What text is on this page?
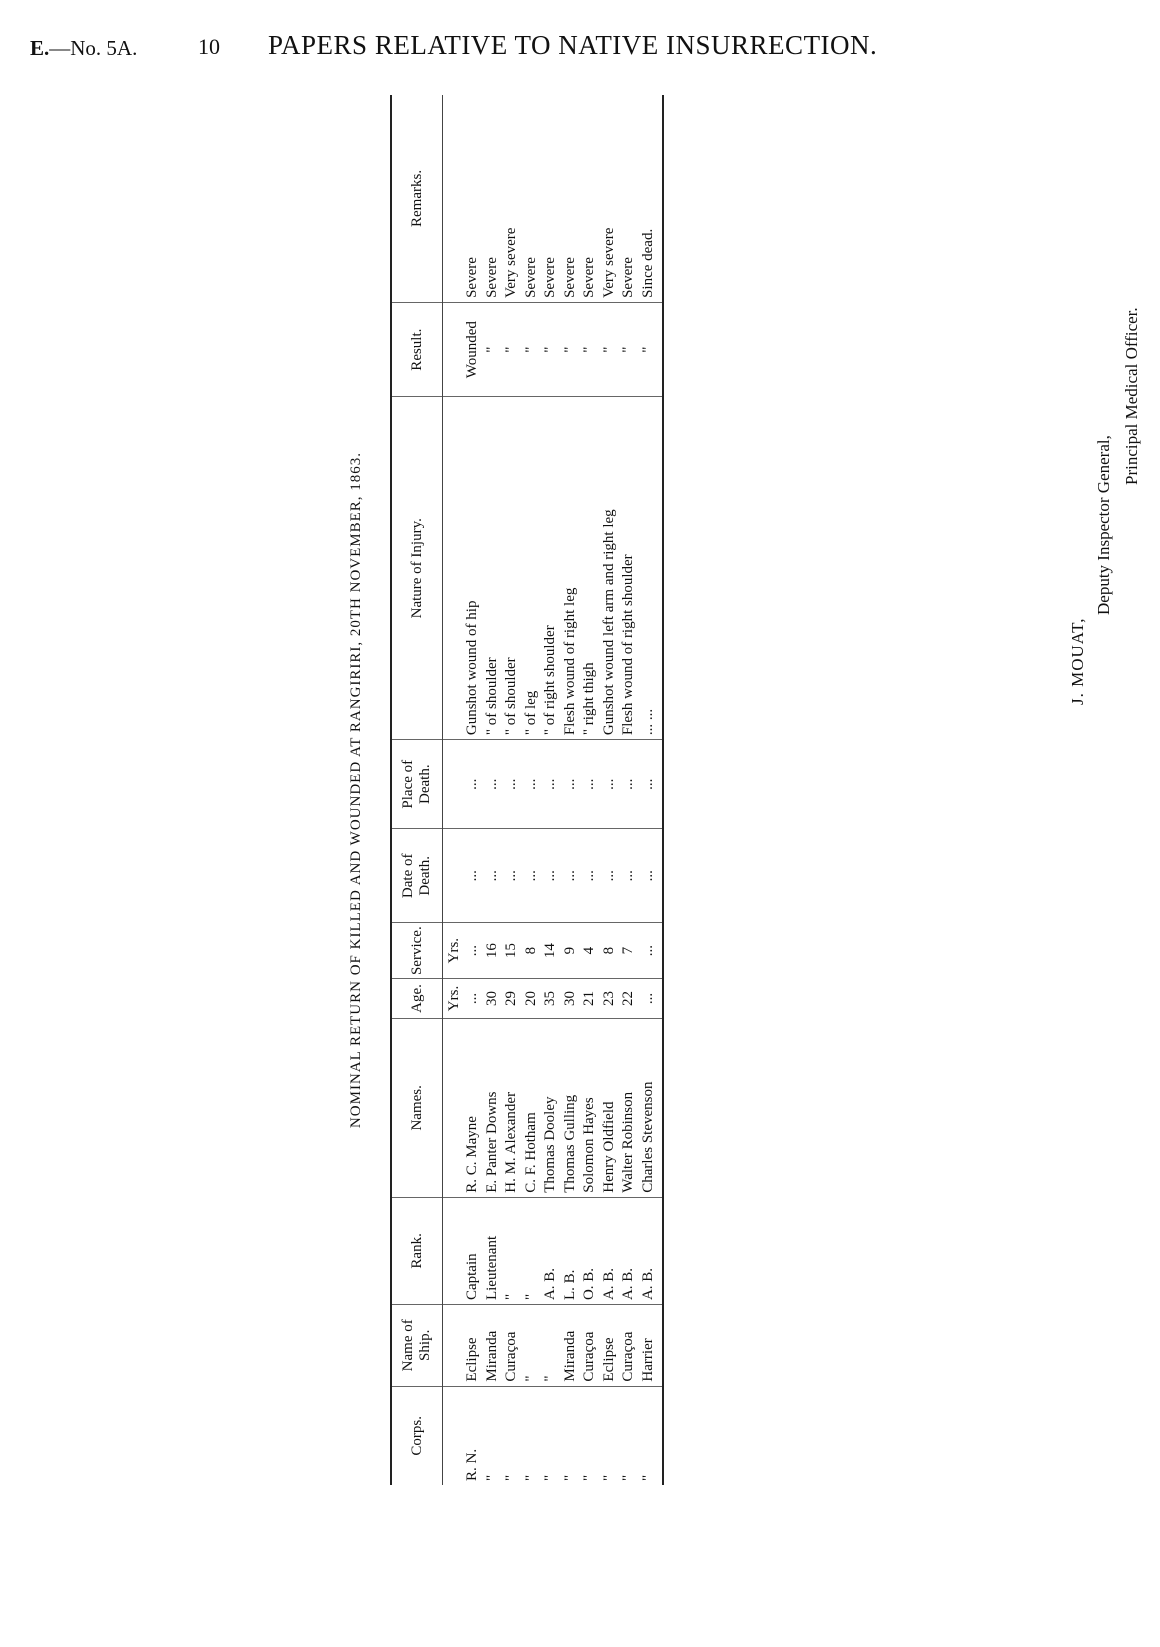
E.—No. 5A.	10 PAPERS RELATIVE TO NATIVE INSURRECTION.
NOMINAL RETURN OF KILLED AND WOUNDED AT RANGIRIRI, 20TH NOVEMBER, 1863.
Corps.	Name of Ship.	Rank.	Names.	Age.	Service.	Date of Death.	Place of Death.	Nature of Injury.	Result.	Remarks.
				Yrs.	Yrs.					
R. N.	Eclipse	Captain	R. C. Mayne	...	...	...	...	Gunshot wound of hip	Wounded	Severe
"	Miranda	Lieutenant	E. Panter Downs	30	16	...	...	" of shoulder	"	Severe
"	Curaçoa	"	H. M. Alexander	29	15	...	...	" of shoulder	"	Very severe
"	"	"	C. F. Hotham	20	8	...	...	" of leg	"	Severe
"	"	A. B.	Thomas Dooley	35	14	...	...	" of right shoulder	"	Severe
"	Miranda	L. B.	Thomas Gulling	30	9	...	...	Flesh wound of right leg	"	Severe
"	Curaçoa	O. B.	Solomon Hayes	21	4	...	...	" right thigh	"	Severe
"	Eclipse	A. B.	Henry Oldfield	23	8	...	...	Gunshot wound left arm and right leg	"	Very severe
"	Curaçoa	A. B.	Walter Robinson	22	7	...	...	Flesh wound of right shoulder	"	Severe
"	Harrier	A. B.	Charles Stevenson	...	...	...	...	... ...	"	Since dead.
J. MOUAT,
Deputy Inspector General,
Principal Medical Officer.
